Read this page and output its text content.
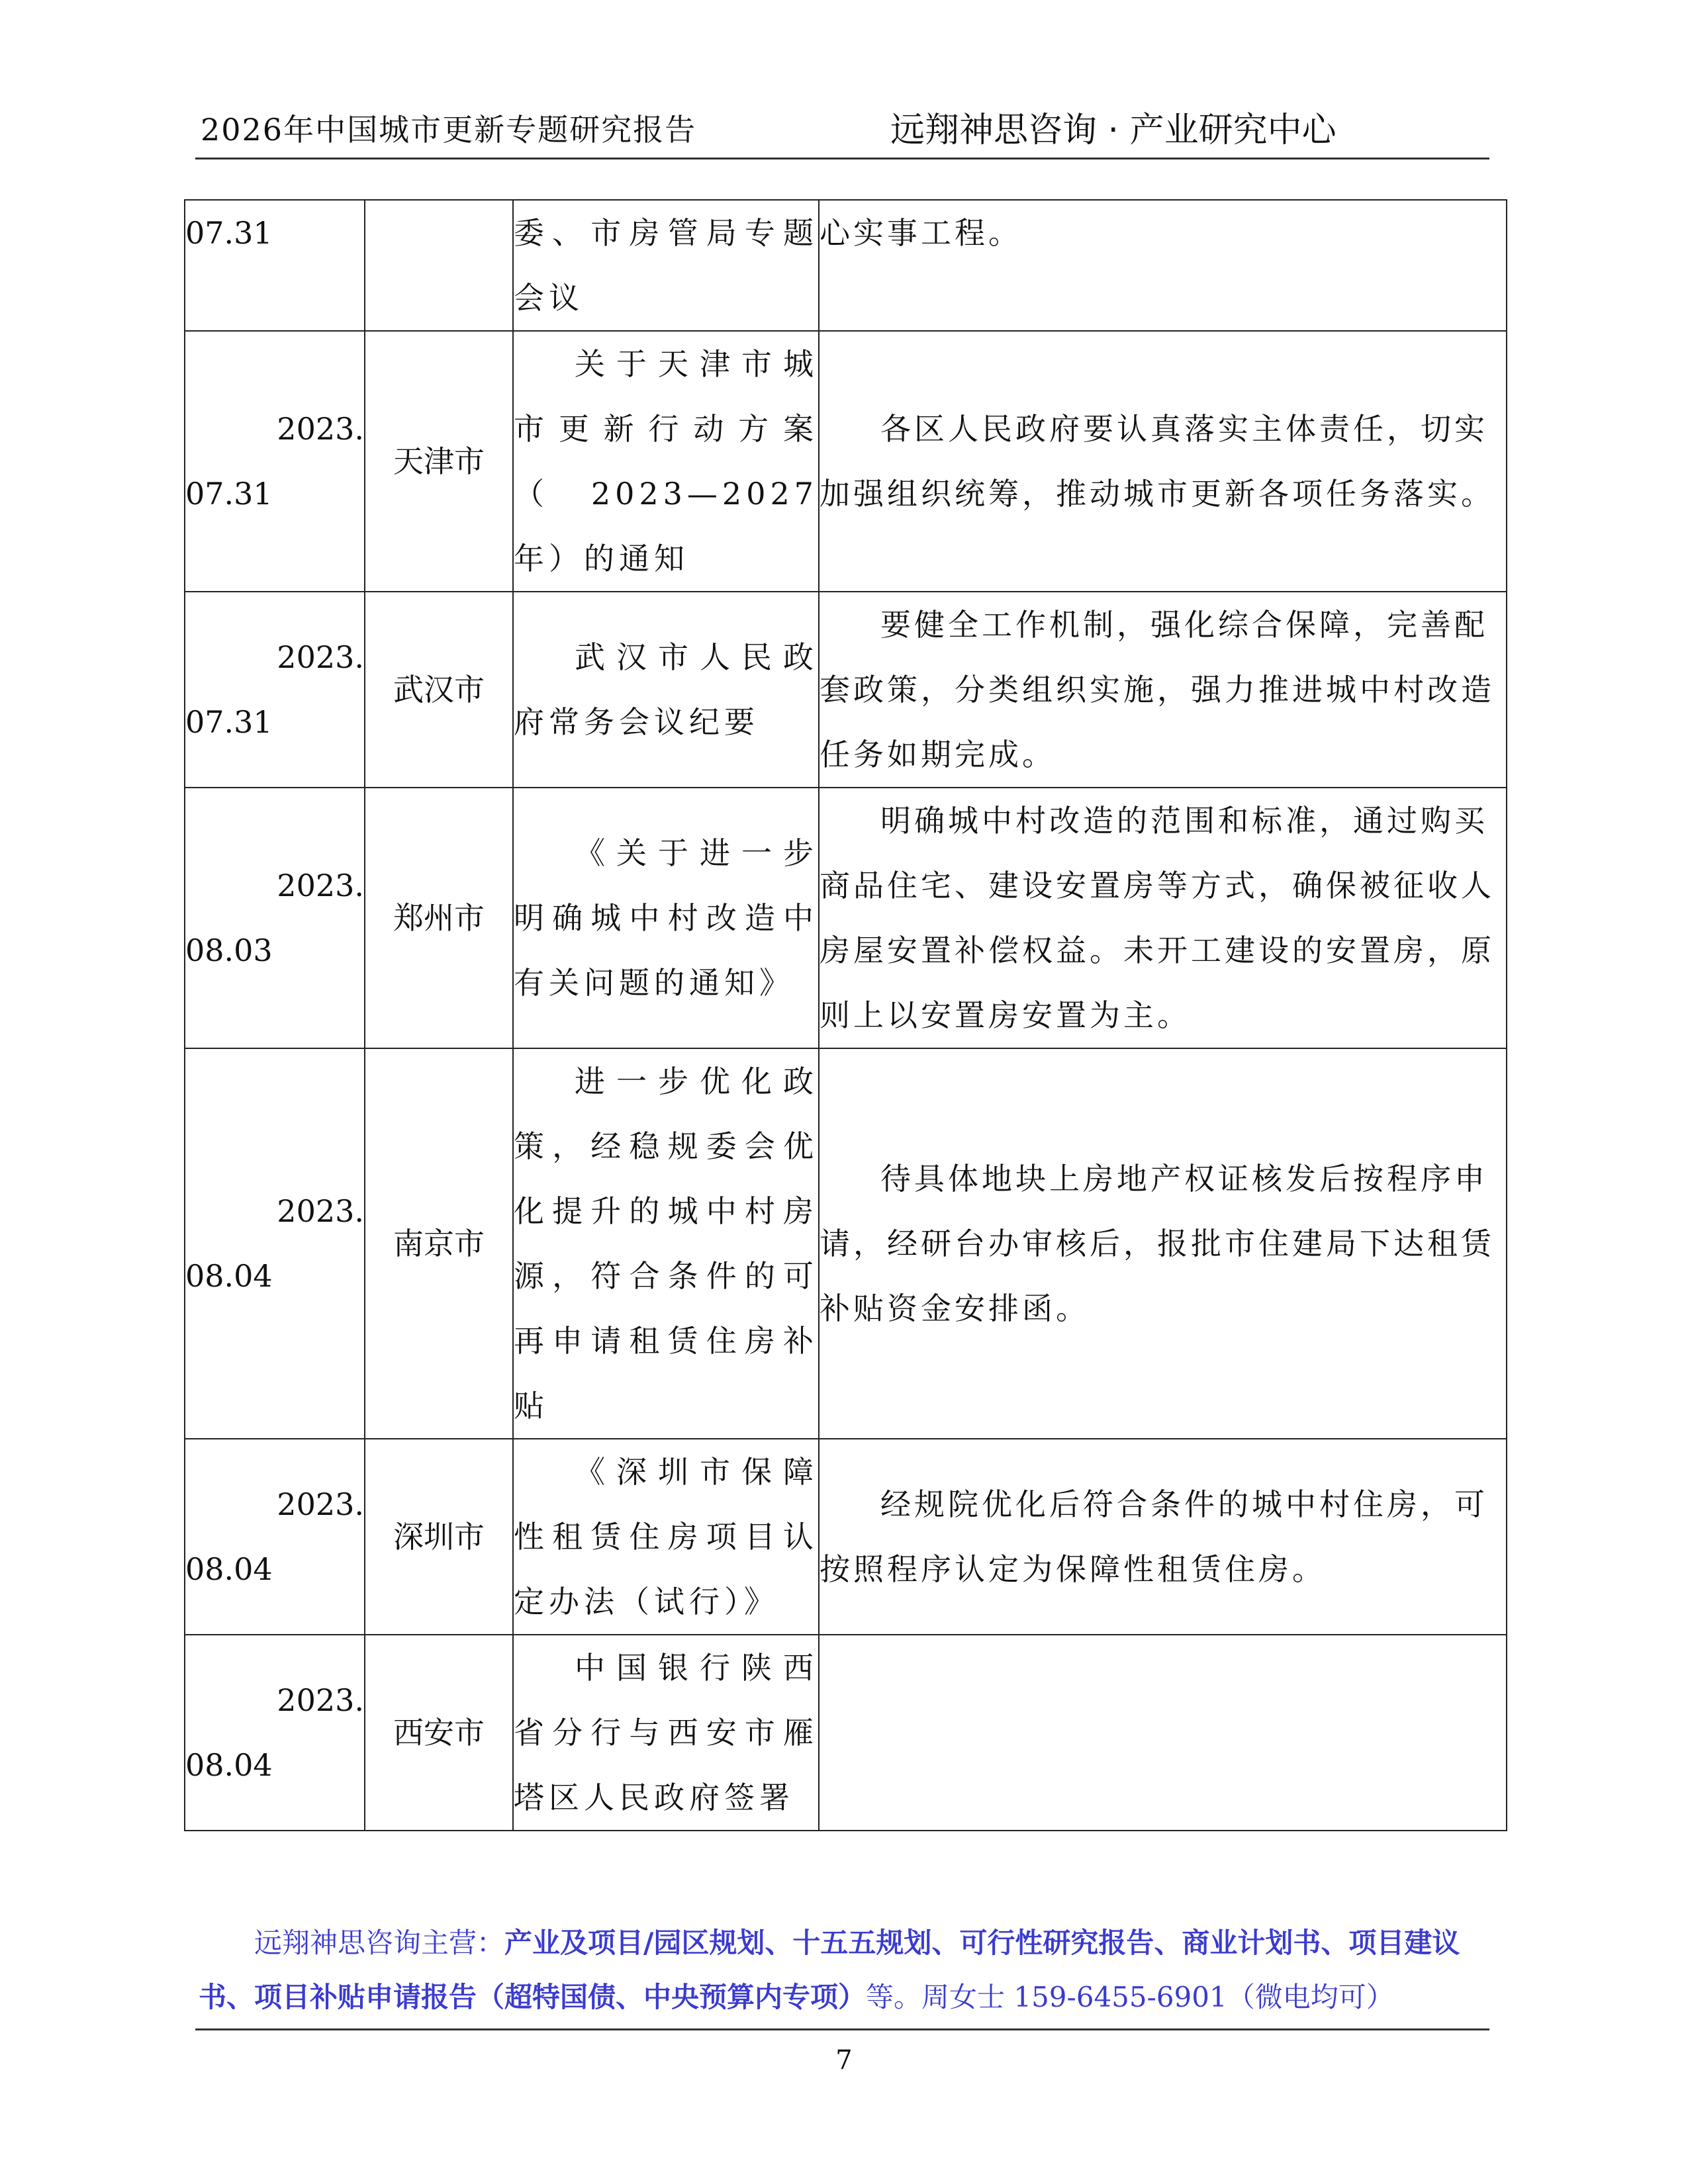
2026年中国城市更新专题研究报告	远翔神思咨询 · 产业研究中心
07.31		委、市房管局专题会议	心实事工程。

2023.
07.31	天津市	关于天津市城市更新行动方案（2023—2027年）的通知	各区人民政府要认真落实主体责任，切实加强组织统筹，推动城市更新各项任务落实。

2023.
07.31	武汉市	武汉市人民政府常务会议纪要	要健全工作机制，强化综合保障，完善配套政策，分类组织实施，强力推进城中村改造任务如期完成。

2023.
08.03	郑州市	《关于进一步明确城中村改造中有关问题的通知》	明确城中村改造的范围和标准，通过购买商品住宅、建设安置房等方式，确保被征收人房屋安置补偿权益。未开工建设的安置房，原则上以安置房安置为主。

2023.
08.04	南京市	进一步优化政策，经稳规委会优化提升的城中村房源，符合条件的可再申请租赁住房补贴	待具体地块上房地产权证核发后按程序申请，经研台办审核后，报批市住建局下达租赁补贴资金安排函。

2023.
08.04	深圳市	《深圳市保障性租赁住房项目认定办法（试行）》	经规院优化后符合条件的城中村住房，可按照程序认定为保障性租赁住房。

2023.
08.04	西安市	中国银行陕西省分行与西安市雁塔区人民政府签署	
远翔神思咨询主营：产业及项目/园区规划、十五五规划、可行性研究报告、商业计划书、项目建议书、项目补贴申请报告（超特国债、中央预算内专项）等。周女士 159-6455-6901（微电均可）
7
